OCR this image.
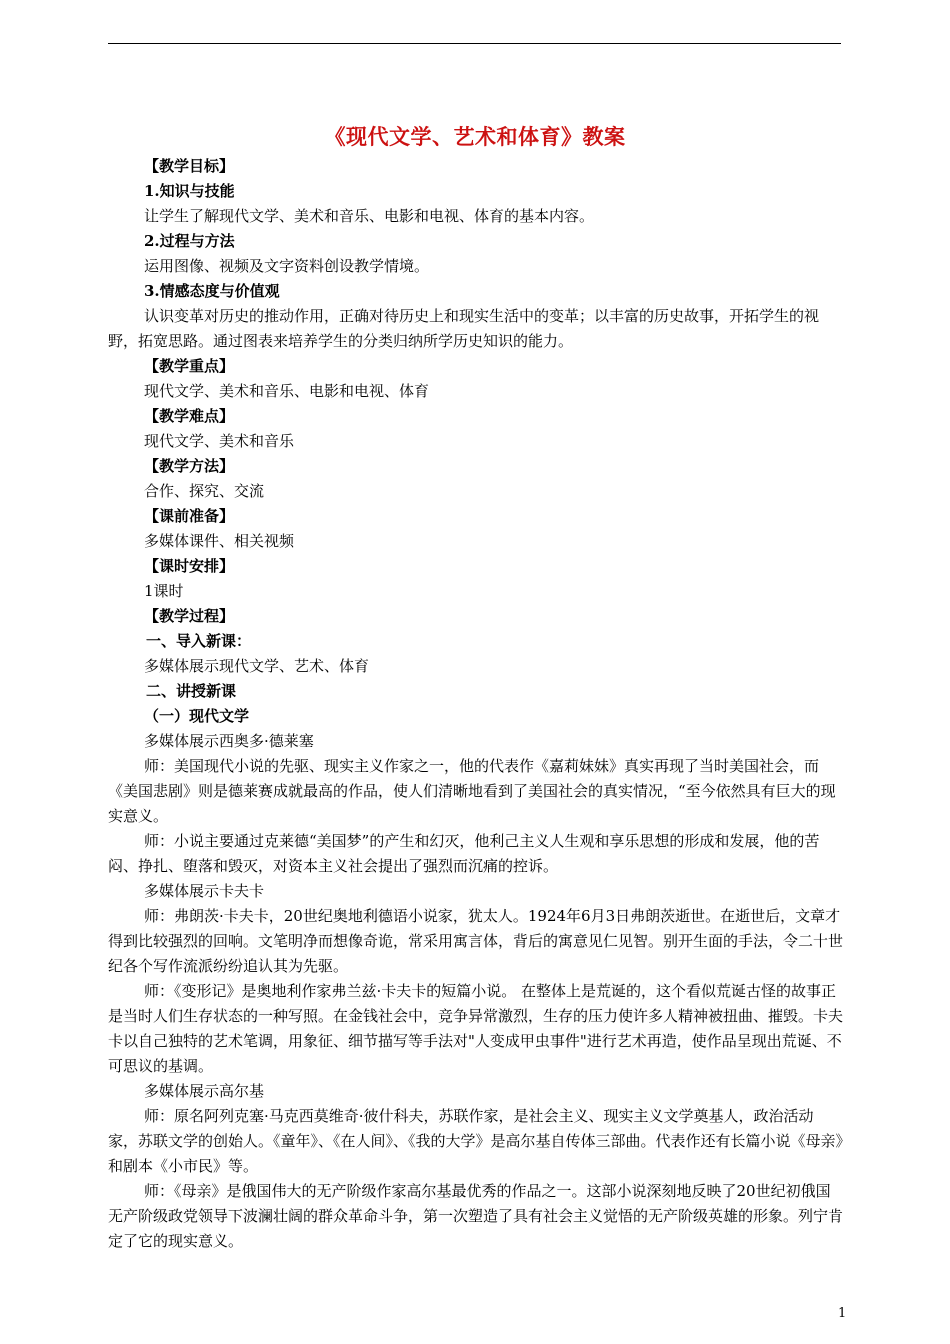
《现代文学、艺术和体育》教案

【教学目标】

1.知识与技能

让学生了解现代文学、美术和音乐、电影和电视、体育的基本内容。

2.过程与方法

运用图像、视频及文字资料创设教学情境。

3.情感态度与价值观

认识变革对历史的推动作用，正确对待历史上和现实生活中的变革；以丰富的历史故事，开拓学生的视野，拓宽思路。通过图表来培养学生的分类归纳所学历史知识的能力。

【教学重点】

现代文学、美术和音乐、电影和电视、体育

【教学难点】

现代文学、美术和音乐

【教学方法】

合作、探究、交流

【课前准备】

多媒体课件、相关视频

【课时安排】

1课时

【教学过程】

一、导入新课：

多媒体展示现代文学、艺术、体育

二、讲授新课

（一）现代文学

多媒体展示西奥多·德莱塞

师：美国现代小说的先驱、现实主义作家之一，他的代表作《嘉莉妹妹》真实再现了当时美国社会，而《美国悲剧》则是德莱赛成就最高的作品，使人们清晰地看到了美国社会的真实情况，“至今依然具有巨大的现实意义。

师：小说主要通过克莱德“美国梦”的产生和幻灭，他利己主义人生观和享乐思想的形成和发展，他的苦闷、挣扎、堕落和毁灭，对资本主义社会提出了强烈而沉痛的控诉。

多媒体展示卡夫卡

师：弗朗茨·卡夫卡，20世纪奥地利德语小说家，犹太人。1924年6月3日弗朗茨逝世。在逝世后，文章才得到比较强烈的回响。文笔明净而想像奇诡，常采用寓言体，背后的寓意见仁见智。别开生面的手法，令二十世纪各个写作流派纷纷追认其为先驱。

师：《变形记》是奥地利作家弗兰兹·卡夫卡的短篇小说。 在整体上是荒诞的，这个看似荒诞古怪的故事正是当时人们生存状态的一种写照。在金钱社会中，竞争异常激烈，生存的压力使许多人精神被扭曲、摧毁。卡夫卡以自己独特的艺术笔调，用象征、细节描写等手法对"人变成甲虫事件"进行艺术再造，使作品呈现出荒诞、不可思议的基调。

多媒体展示高尔基

师：原名阿列克塞·马克西莫维奇·彼什科夫，苏联作家，是社会主义、现实主义文学奠基人，政治活动家，苏联文学的创始人。《童年》、《在人间》、《我的大学》是高尔基自传体三部曲。代表作还有长篇小说《母亲》和剧本《小市民》等。

师：《母亲》是俄国伟大的无产阶级作家高尔基最优秀的作品之一。这部小说深刻地反映了20世纪初俄国无产阶级政党领导下波澜壮阔的群众革命斗争，第一次塑造了具有社会主义觉悟的无产阶级英雄的形象。列宁肯定了它的现实意义。

1
